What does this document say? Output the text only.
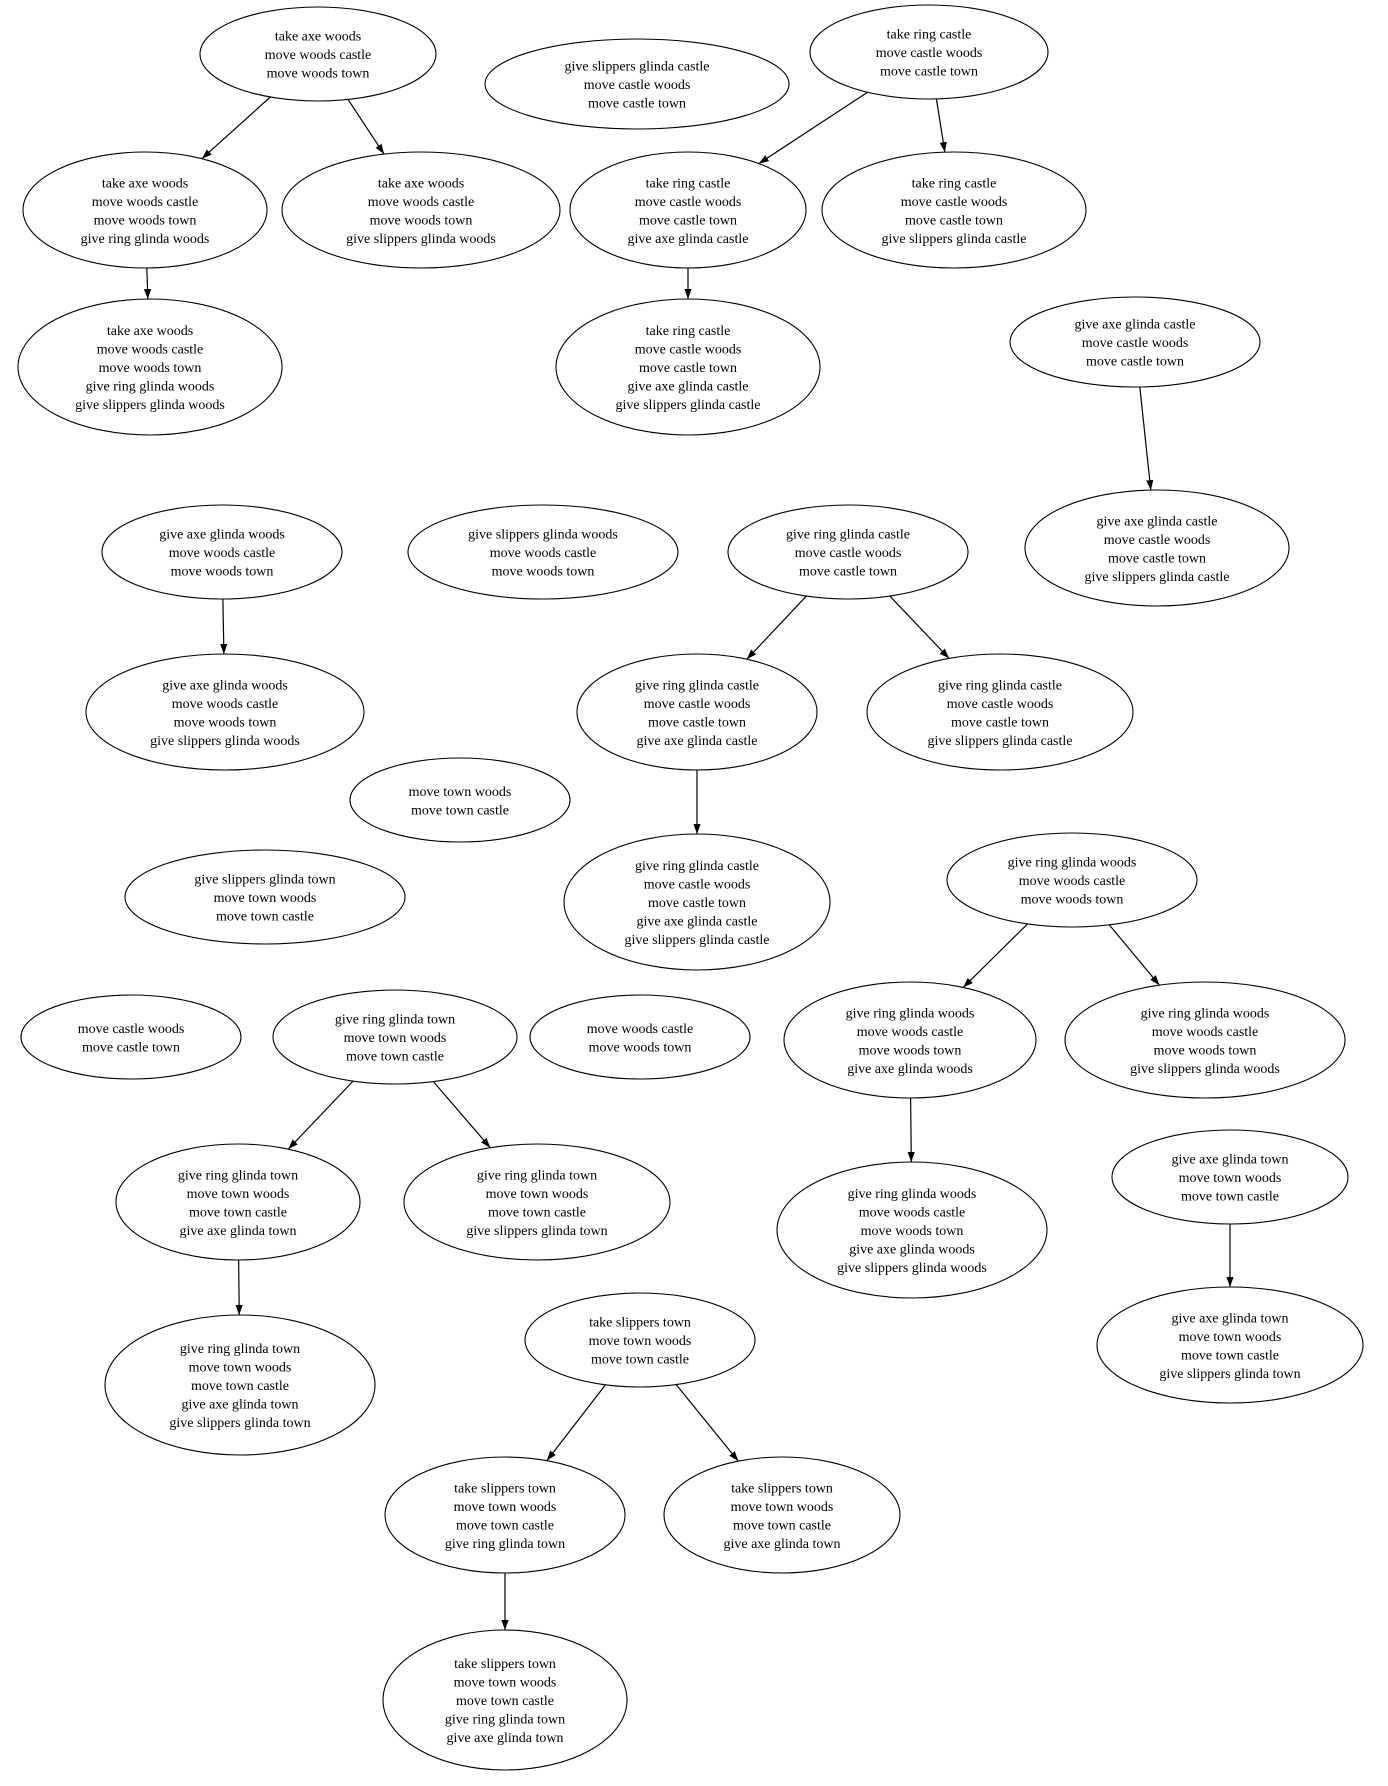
take axe woods move woods castle move woods town	give slippers glinda castle move castle woods move castle town
take ring castle move castle woods move castle town
take axe woods move woods castle move woods town give ring glinda woods
take axe woods move woods castle move woods town give slippers glinda woods
take ring castle move castle woods move castle town give axe glinda castle
take ring castle move castle woods move castle town give slippers glinda castle
take axe woods move woods castle move woods town give ring glinda woods give slippers glinda woods
take ring castle move castle woods move castle town give axe glinda castle give slippers glinda castle
give axe glinda castle move castle woods move castle town
give axe glinda woods move woods castle move woods town
give slippers glinda woods move woods castle move woods town
give ring glinda castle move castle woods move castle town
give axe glinda castle move castle woods move castle town give slippers glinda castle
give axe glinda woods move woods castle move woods town give slippers glinda woods
give ring glinda castle move castle woods move castle town give axe glinda castle
give ring glinda castle move castle woods move castle town give slippers glinda castle
move town woods move town castle
give slippers glinda town move town woods move town castle
give ring glinda castle move castle woods move castle town give axe glinda castle give slippers glinda castle
give ring glinda woods move woods castle move woods town
move castle woods move castle town
give ring glinda town move town woods move town castle
move woods castle move woods town
give ring glinda woods move woods castle move woods town give axe glinda woods
give ring glinda woods move woods castle move woods town give slippers glinda woods
give ring glinda town move town woods move town castle give axe glinda town
give ring glinda town move town woods move town castle give slippers glinda town
give ring glinda woods move woods castle move woods town give axe glinda woods give slippers glinda woods
give axe glinda town move town woods move town castle
give ring glinda town move town woods move town castle give axe glinda town give slippers glinda town
take slippers town move town woods move town castle
give axe glinda town move town woods move town castle give slippers glinda town
take slippers town move town woods move town castle give ring glinda town
take slippers town move town woods move town castle give axe glinda town
take slippers town move town woods move town castle give ring glinda town give axe glinda town
